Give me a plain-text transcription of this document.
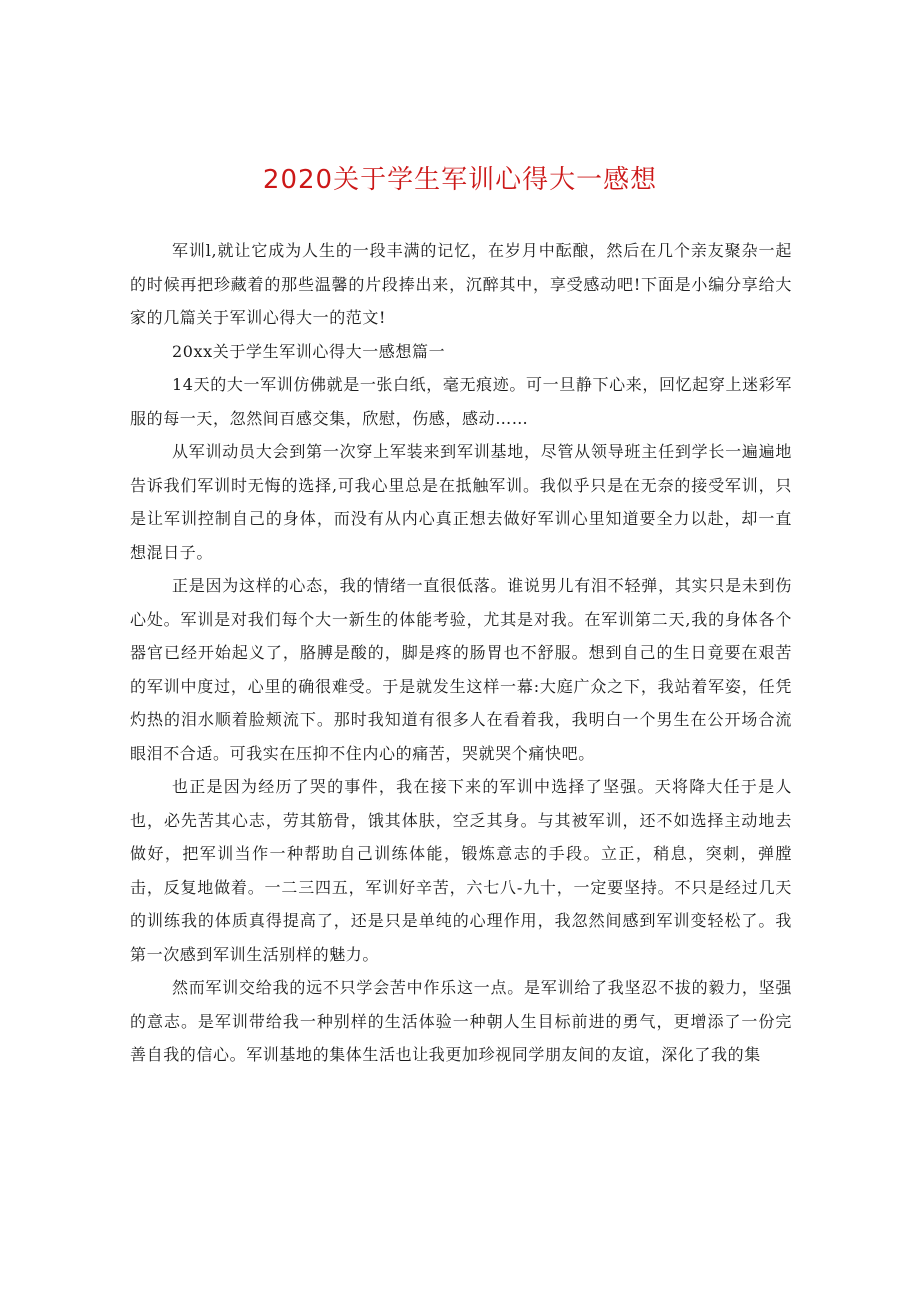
2020关于学生军训心得大一感想

军训l,就让它成为人生的一段丰满的记忆，在岁月中酝酿，然后在几个亲友聚杂一起的时候再把珍藏着的那些温馨的片段捧出来，沉醉其中，享受感动吧!下面是小编分享给大家的几篇关于军训心得大一的范文!

20xx关于学生军训心得大一感想篇一

14天的大一军训仿佛就是一张白纸，毫无痕迹。可一旦静下心来，回忆起穿上迷彩军服的每一天，忽然间百感交集，欣慰，伤感，感动……

从军训动员大会到第一次穿上军装来到军训基地，尽管从领导班主任到学长一遍遍地告诉我们军训时无悔的选择,可我心里总是在抵触军训。我似乎只是在无奈的接受军训，只是让军训控制自己的身体，而没有从内心真正想去做好军训心里知道要全力以赴，却一直想混日子。

正是因为这样的心态，我的情绪一直很低落。谁说男儿有泪不轻弹，其实只是未到伤心处。军训是对我们每个大一新生的体能考验，尤其是对我。在军训第二天,我的身体各个器官已经开始起义了，胳膊是酸的，脚是疼的肠胃也不舒服。想到自己的生日竟要在艰苦的军训中度过，心里的确很难受。于是就发生这样一幕:大庭广众之下，我站着军姿，任凭灼热的泪水顺着脸颊流下。那时我知道有很多人在看着我，我明白一个男生在公开场合流眼泪不合适。可我实在压抑不住内心的痛苦，哭就哭个痛快吧。

也正是因为经历了哭的事件，我在接下来的军训中选择了坚强。天将降大任于是人也，必先苦其心志，劳其筋骨，饿其体肤，空乏其身。与其被军训，还不如选择主动地去做好，把军训当作一种帮助自己训练体能，锻炼意志的手段。立正，稍息，突刺，弹膛击，反复地做着。一二三四五，军训好辛苦，六七八-九十，一定要坚持。不只是经过几天的训练我的体质真得提高了，还是只是单纯的心理作用，我忽然间感到军训变轻松了。我第一次感到军训生活别样的魅力。

然而军训交给我的远不只学会苦中作乐这一点。是军训给了我坚忍不拔的毅力，坚强的意志。是军训带给我一种别样的生活体验一种朝人生目标前进的勇气，更增添了一份完善自我的信心。军训基地的集体生活也让我更加珍视同学朋友间的友谊，深化了我的集
